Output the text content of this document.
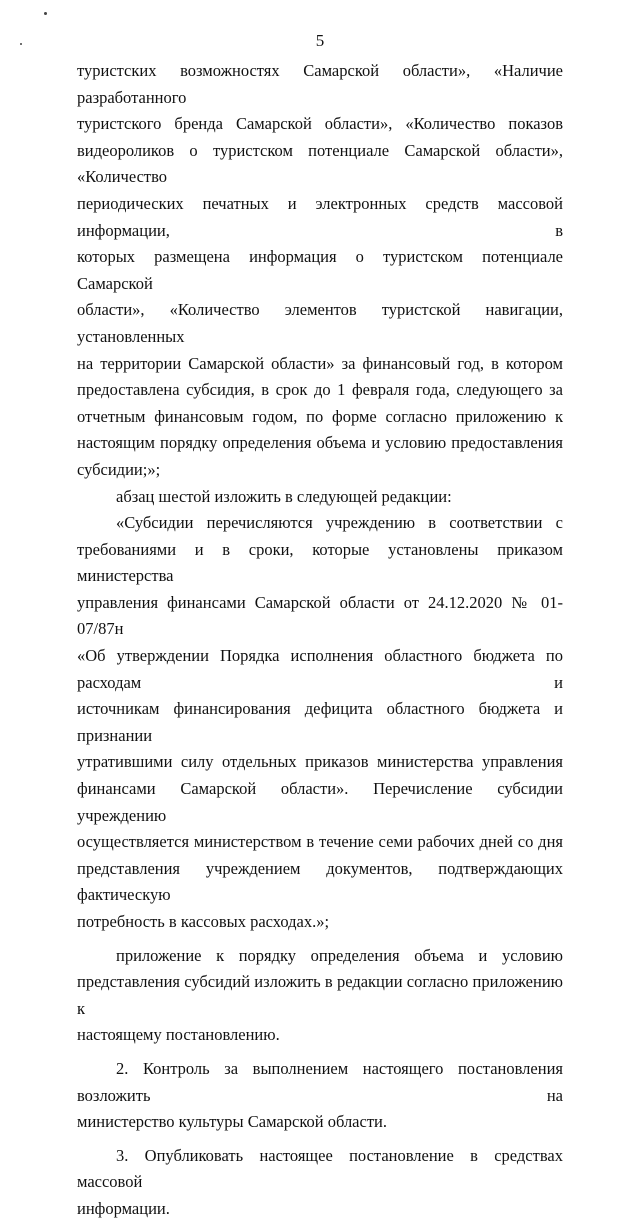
5

туристских возможностях Самарской области», «Наличие разработанного

туристского бренда Самарской области», «Количество показов

видеороликов о туристском потенциале Самарской области», «Количество

периодических печатных и электронных средств массовой информации, в

которых размещена информация о туристском потенциале Самарской

области», «Количество элементов туристской навигации, установленных

на территории Самарской области» за финансовый год, в котором

предоставлена субсидия, в срок до 1 февраля года, следующего за

отчетным финансовым годом, по форме согласно приложению к

настоящим порядку определения объема и условию предоставления

субсидии;»;

абзац шестой изложить в следующей редакции:

«Субсидии перечисляются учреждению в соответствии с

требованиями и в сроки, которые установлены приказом министерства

управления финансами Самарской области от 24.12.2020 № 01-07/87н

«Об утверждении Порядка исполнения областного бюджета по расходам и

источникам финансирования дефицита областного бюджета и признании

утратившими силу отдельных приказов министерства управления

финансами Самарской области». Перечисление субсидии учреждению

осуществляется министерством в течение семи рабочих дней со дня

представления учреждением документов, подтверждающих фактическую

потребность в кассовых расходах.»;

приложение к порядку определения объема и условию

представления субсидий изложить в редакции согласно приложению к

настоящему постановлению.

2. Контроль за выполнением настоящего постановления возложить на

министерство культуры Самарской области.

3. Опубликовать настоящее постановление в средствах массовой

информации.
